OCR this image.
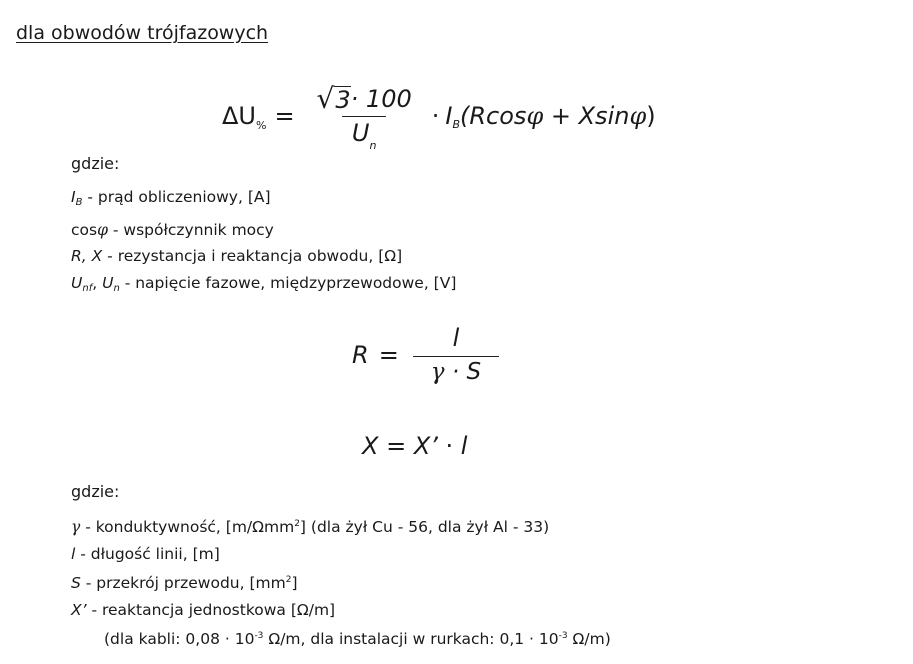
dla obwodów trójfazowych
ΔU % = $\frac{√ 3 \cdot 100}{U_n} \cdot I$ B (Rcos φ + Xsin φ )
gdzie:
$I_B$ - prąd obliczeniowy, [A]
cosφ - współczynnik mocy
R, X - rezystancja i reaktancja obwodu, [Ω]
$U_{nf}$, $U_n$ - napięcie fazowe, międzyprzewodowe, [V]
$R = \frac{l}{\gamma \cdot S}$
X = X’ · l
gdzie:
γ - konduktywność, [m/Ωmm$^2$] (dla żył Cu - 56, dla żył Al - 33)
l - długość linii, [m]
S - przekrój przewodu, $[mm^2]$
X’ - reaktancja jednostkowa [Ω/m]
(dla kabli: $0,08 \cdot 10^{-3}$ Ω/m, dla instalacji w rurkach: $0,1 \cdot 10^{-3}$ Ω/m)
